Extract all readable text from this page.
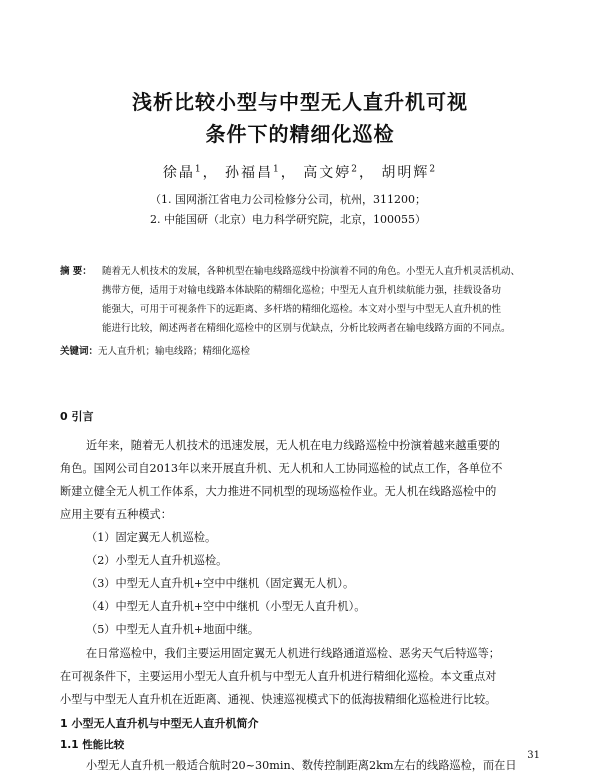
浅析比较小型与中型无人直升机可视
条件下的精细化巡检
徐晶$^1$， 孙福昌$^1$， 高文婷$^2$， 胡明辉$^2$
（1. 国网浙江省电力公司检修分公司，杭州，311200；
2. 中能国研（北京）电力科学研究院，北京，100055）
摘 要： 随着无人机技术的发展，各种机型在输电线路巡线中扮演着不同的角色。小型无人直升机灵活机动、
携带方便，适用于对输电线路本体缺陷的精细化巡检；中型无人直升机续航能力强，挂载设备功
能强大，可用于可视条件下的远距离、多杆塔的精细化巡检。本文对小型与中型无人直升机的性
能进行比较，阐述两者在精细化巡检中的区别与优缺点，分析比较两者在输电线路方面的不同点。
关键词：无人直升机；输电线路；精细化巡检
0 引言
近年来，随着无人机技术的迅速发展，无人机在电力线路巡检中扮演着越来越重要的
角色。国网公司自2013年以来开展直升机、无人机和人工协同巡检的试点工作，各单位不
断建立健全无人机工作体系，大力推进不同机型的现场巡检作业。无人机在线路巡检中的
应用主要有五种模式：
（1）固定翼无人机巡检。
（2）小型无人直升机巡检。
（3）中型无人直升机+空中中继机（固定翼无人机）。
（4）中型无人直升机+空中中继机（小型无人直升机）。
（5）中型无人直升机+地面中继。
在日常巡检中，我们主要运用固定翼无人机进行线路通道巡检、恶劣天气后特巡等；
在可视条件下，主要运用小型无人直升机与中型无人直升机进行精细化巡检。本文重点对
小型与中型无人直升机在近距离、通视、快速巡视模式下的低海拔精细化巡检进行比较。
1 小型无人直升机与中型无人直升机简介
1.1 性能比较
小型无人直升机一般适合航时20~30min、数传控制距离2km左右的线路巡检，而在日
31
